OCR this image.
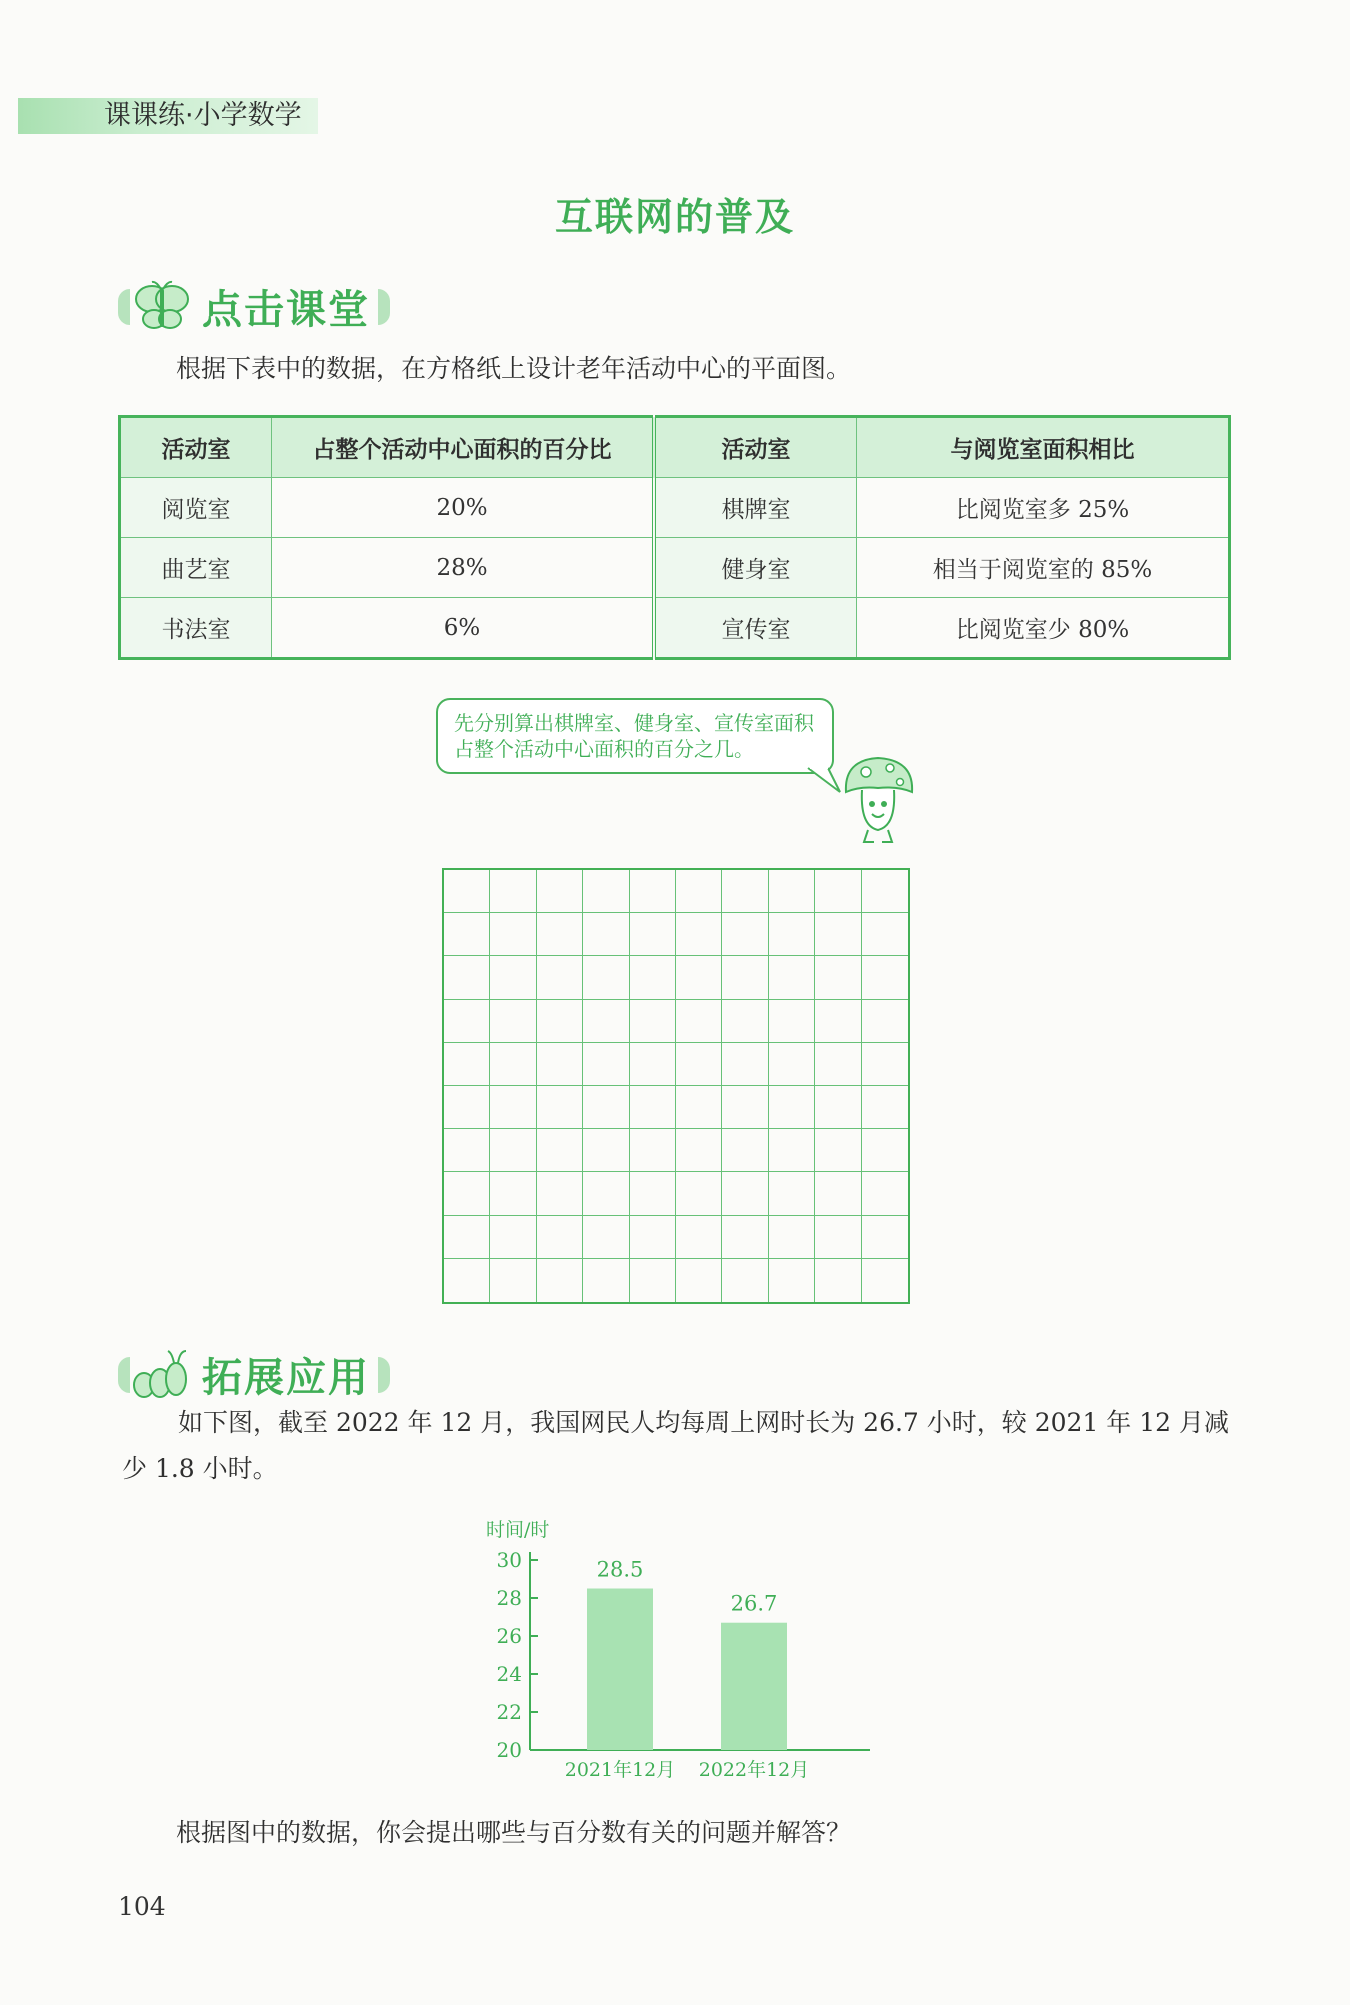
课课练·小学数学
互联网的普及
点击课堂
根据下表中的数据，在方格纸上设计老年活动中心的平面图。
活动室	占整个活动中心面积的百分比	活动室	与阅览室面积相比
阅览室	20%	棋牌室	比阅览室多 25%
曲艺室	28%	健身室	相当于阅览室的 85%
书法室	6%	宣传室	比阅览室少 80%
先分别算出棋牌室、健身室、宣传室面积占整个活动中心面积的百分之几。
拓展应用
如下图，截至 2022 年 12 月，我国网民人均每周上网时长为 26.7 小时，较 2021 年 12 月减少 1.8 小时。
时间/时
20
22
24
26
28
30	28.5
2021年12月
26.7
2022年12月
根据图中的数据，你会提出哪些与百分数有关的问题并解答？
104
